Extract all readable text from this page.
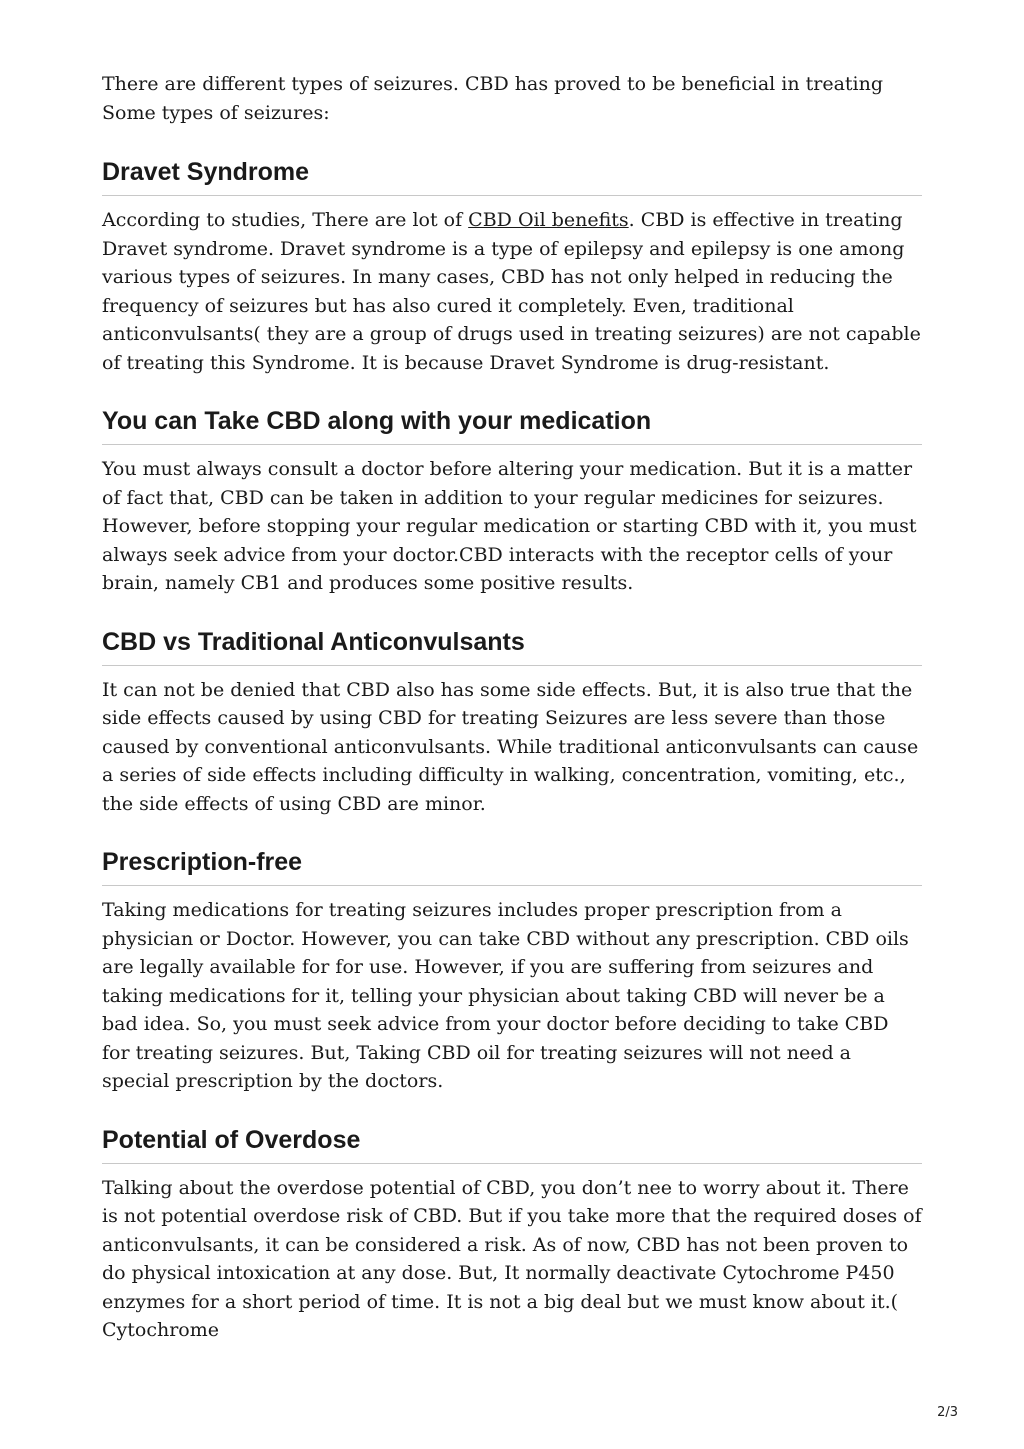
There are different types of seizures. CBD has proved to be beneficial in treating Some types of seizures:

Dravet Syndrome

According to studies, There are lot of CBD Oil benefits. CBD is effective in treating Dravet syndrome. Dravet syndrome is a type of epilepsy and epilepsy is one among various types of seizures. In many cases, CBD has not only helped in reducing the frequency of seizures but has also cured it completely. Even, traditional anticonvulsants( they are a group of drugs used in treating seizures) are not capable of treating this Syndrome. It is because Dravet Syndrome is drug-resistant.

You can Take CBD along with your medication

You must always consult a doctor before altering your medication. But it is a matter of fact that, CBD can be taken in addition to your regular medicines for seizures. However, before stopping your regular medication or starting CBD with it, you must always seek advice from your doctor.CBD interacts with the receptor cells of your brain, namely CB1 and produces some positive results.

CBD vs Traditional Anticonvulsants

It can not be denied that CBD also has some side effects. But, it is also true that the side effects caused by using CBD for treating Seizures are less severe than those caused by conventional anticonvulsants. While traditional anticonvulsants can cause a series of side effects including difficulty in walking, concentration, vomiting, etc., the side effects of using CBD are minor.

Prescription-free

Taking medications for treating seizures includes proper prescription from a physician or Doctor. However, you can take CBD without any prescription. CBD oils are legally available for for use. However, if you are suffering from seizures and taking medications for it, telling your physician about taking CBD will never be a bad idea. So, you must seek advice from your doctor before deciding to take CBD for treating seizures. But, Taking CBD oil for treating seizures will not need a special prescription by the doctors.

Potential of Overdose

Talking about the overdose potential of CBD, you don’t nee to worry about it. There is not potential overdose risk of CBD. But if you take more that the required doses of anticonvulsants, it can be considered a risk. As of now, CBD has not been proven to do physical intoxication at any dose. But, It normally deactivate Cytochrome P450 enzymes for a short period of time. It is not a big deal but we must know about it.( Cytochrome

2/3
